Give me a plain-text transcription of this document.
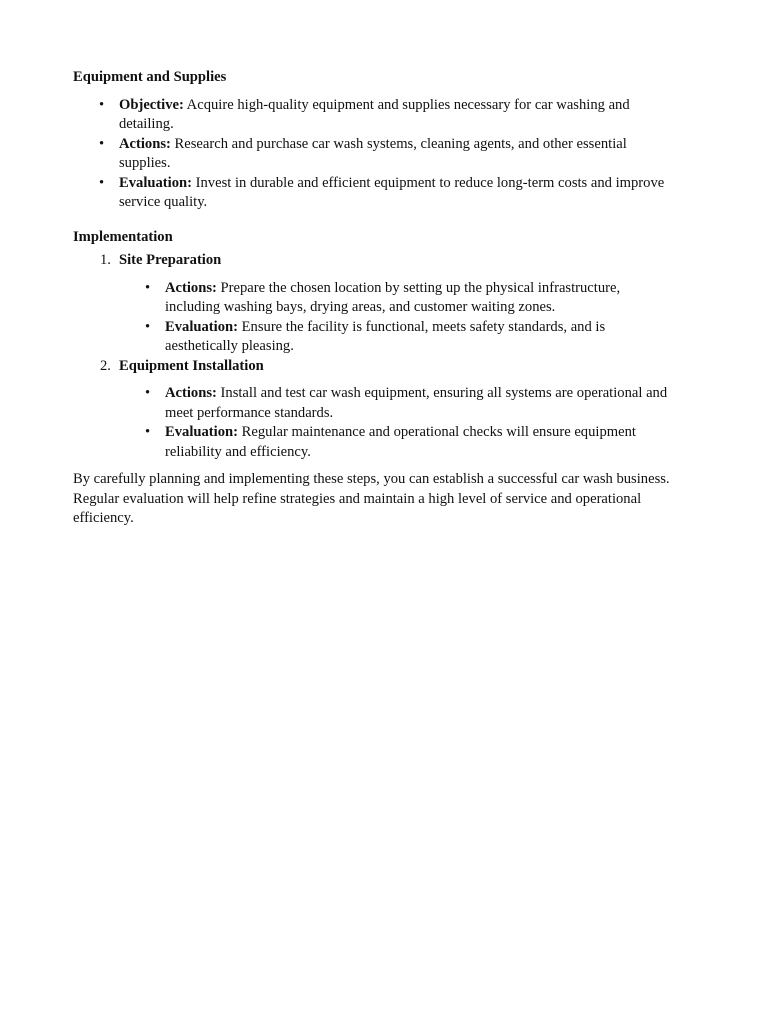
Equipment and Supplies

• Objective: Acquire high-quality equipment and supplies necessary for car washing and detailing.
• Actions: Research and purchase car wash systems, cleaning agents, and other essential supplies.
• Evaluation: Invest in durable and efficient equipment to reduce long-term costs and improve service quality.

Implementation

1. Site Preparation
• Actions: Prepare the chosen location by setting up the physical infrastructure, including washing bays, drying areas, and customer waiting zones.
• Evaluation: Ensure the facility is functional, meets safety standards, and is aesthetically pleasing.
2. Equipment Installation
• Actions: Install and test car wash equipment, ensuring all systems are operational and meet performance standards.
• Evaluation: Regular maintenance and operational checks will ensure equipment reliability and efficiency.

By carefully planning and implementing these steps, you can establish a successful car wash business. Regular evaluation will help refine strategies and maintain a high level of service and operational efficiency.
